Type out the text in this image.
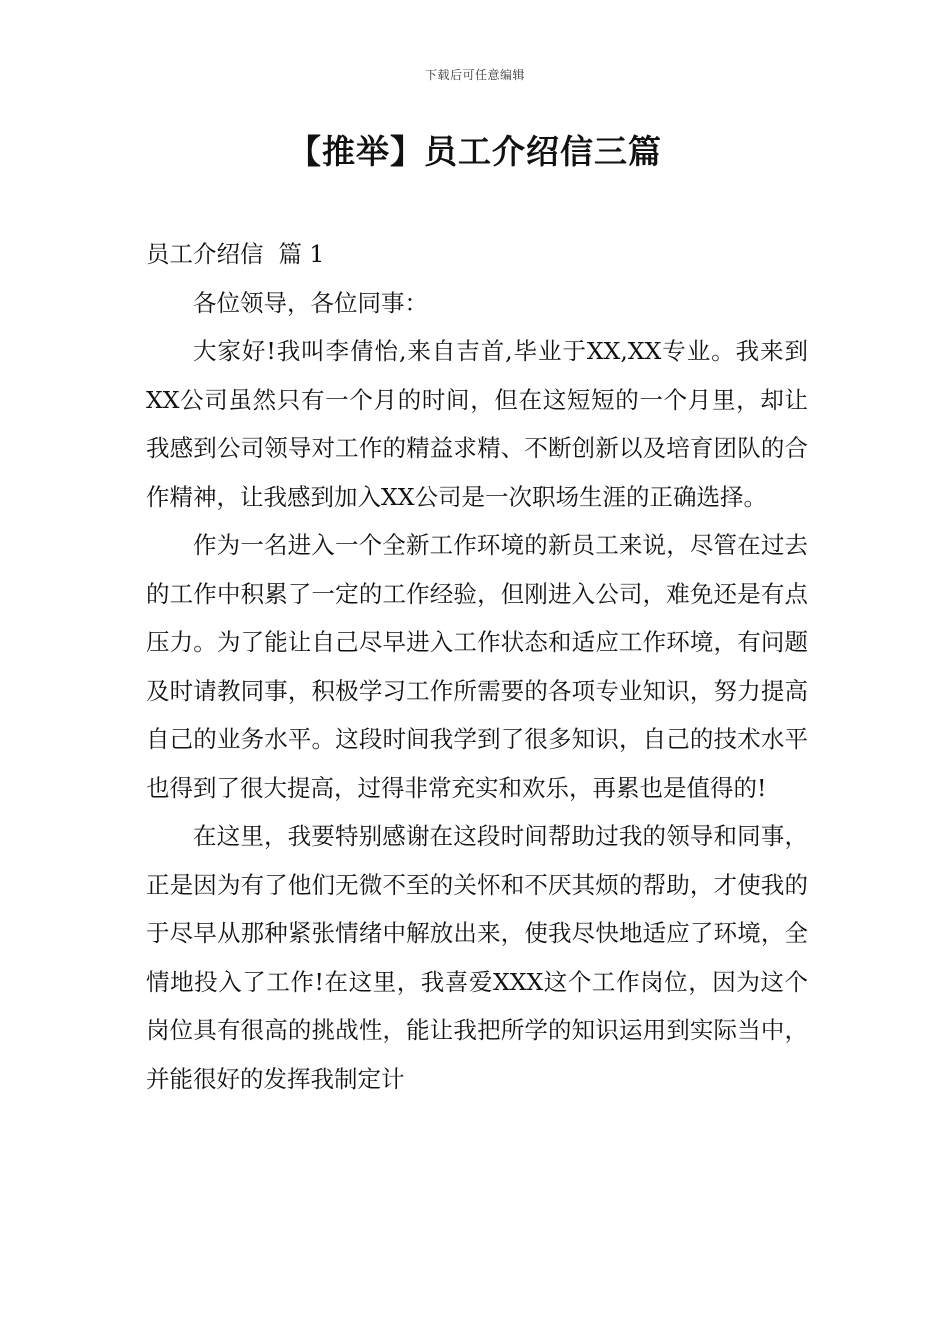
下载后可任意编辑
【推举】员工介绍信三篇

员工介绍信  篇 1

各位领导，各位同事：

大家好!我叫李倩怡,来自吉首,毕业于XX,XX专业。我来到XX公司虽然只有一个月的时间，但在这短短的一个月里，却让我感到公司领导对工作的精益求精、不断创新以及培育团队的合作精神，让我感到加入XX公司是一次职场生涯的正确选择。

作为一名进入一个全新工作环境的新员工来说，尽管在过去的工作中积累了一定的工作经验，但刚进入公司，难免还是有点压力。为了能让自己尽早进入工作状态和适应工作环境，有问题及时请教同事，积极学习工作所需要的各项专业知识，努力提高自己的业务水平。这段时间我学到了很多知识，自己的技术水平也得到了很大提高，过得非常充实和欢乐，再累也是值得的!

在这里，我要特别感谢在这段时间帮助过我的领导和同事，正是因为有了他们无微不至的关怀和不厌其烦的帮助，才使我的于尽早从那种紧张情绪中解放出来，使我尽快地适应了环境，全情地投入了工作!在这里，我喜爱XXX这个工作岗位，因为这个岗位具有很高的挑战性，能让我把所学的知识运用到实际当中，并能很好的发挥我制定计
